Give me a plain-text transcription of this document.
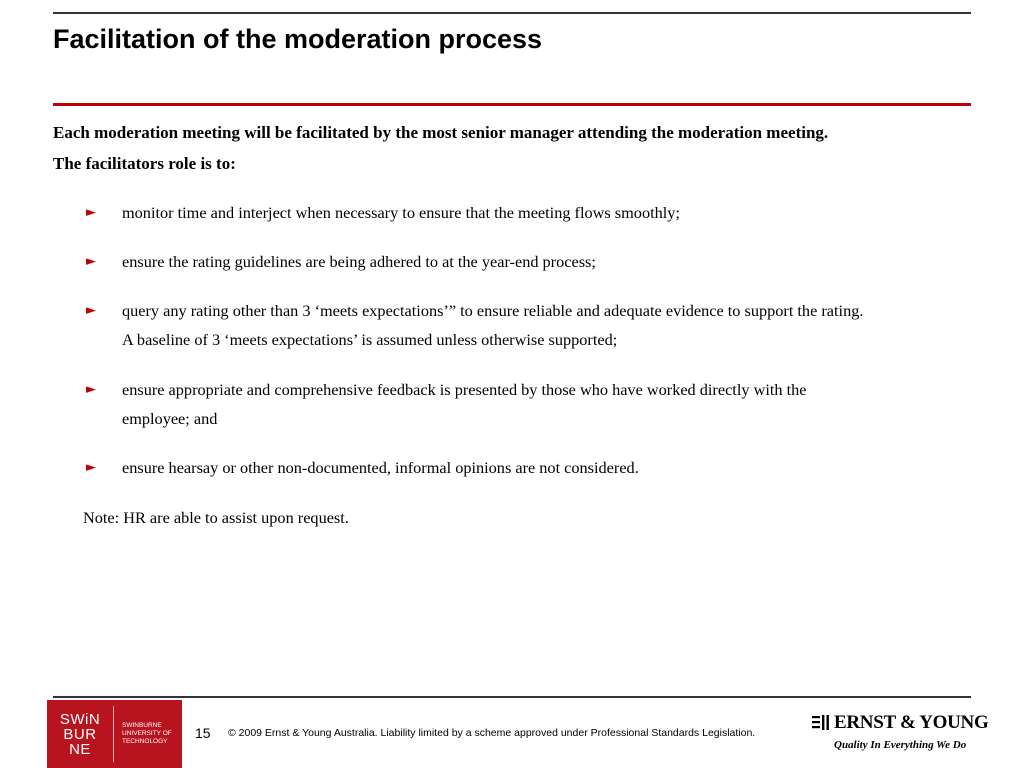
Facilitation of the moderation process
Each moderation meeting will be facilitated by the most senior manager attending the moderation meeting.
The facilitators role is to:
► monitor time and interject when necessary to ensure that the meeting flows smoothly;
► ensure the rating guidelines are being adhered to at the year-end process;
► query any rating other than 3 ‘meets expectations’” to ensure reliable and adequate evidence to support the rating.
A baseline of 3 ‘meets expectations’ is assumed unless otherwise supported;
► ensure appropriate and comprehensive feedback is presented by those who have worked directly with the
employee; and
► ensure hearsay or other non-documented, informal opinions are not considered.
Note: HR are able to assist upon request.
SWiN
BUR
NE
SWINBURNE
UNIVERSITY OF
TECHNOLOGY
15 © 2009 Ernst & Young Australia. Liability limited by a scheme approved under Professional Standards Legislation.	ERNST & YOUNG
Quality In Everything We Do
